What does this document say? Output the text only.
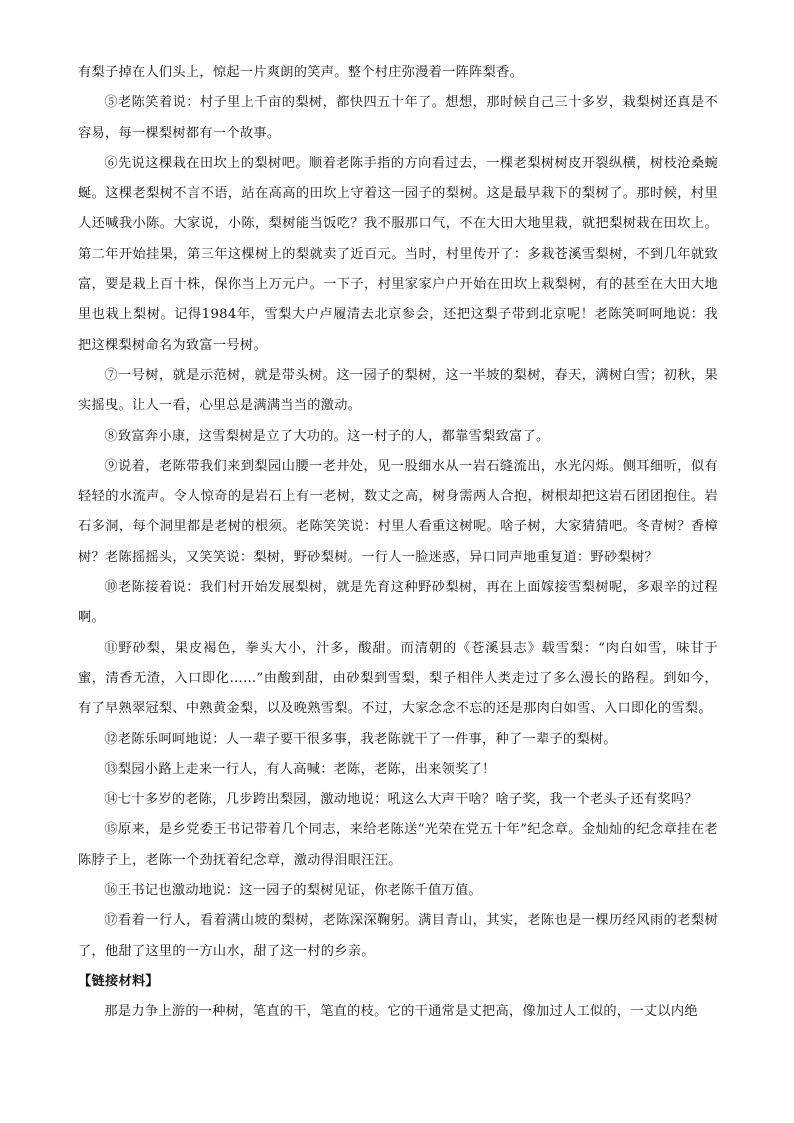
有梨子掉在人们头上，惊起一片爽朗的笑声。整个村庄弥漫着一阵阵梨香。

⑤老陈笑着说：村子里上千亩的梨树，都快四五十年了。想想，那时候自己三十多岁，栽梨树还真是不容易，每一棵梨树都有一个故事。

⑥先说这棵栽在田坎上的梨树吧。顺着老陈手指的方向看过去，一棵老梨树树皮开裂纵横，树枝沧桑蜿蜒。这棵老梨树不言不语，站在高高的田坎上守着这一园子的梨树。这是最早栽下的梨树了。那时候，村里人还喊我小陈。大家说，小陈，梨树能当饭吃？我不服那口气，不在大田大地里栽，就把梨树栽在田坎上。第二年开始挂果，第三年这棵树上的梨就卖了近百元。当时，村里传开了：多栽苍溪雪梨树，不到几年就致富，要是栽上百十株，保你当上万元户。一下子，村里家家户户开始在田坎上栽梨树，有的甚至在大田大地里也栽上梨树。记得1984年，雪梨大户卢履清去北京参会，还把这梨子带到北京呢！老陈笑呵呵地说：我把这棵梨树命名为致富一号树。

⑦一号树，就是示范树，就是带头树。这一园子的梨树，这一半坡的梨树，春天，满树白雪；初秋，果实摇曳。让人一看，心里总是满满当当的激动。

⑧致富奔小康，这雪梨树是立了大功的。这一村子的人，都靠雪梨致富了。

⑨说着，老陈带我们来到梨园山腰一老井处，见一股细水从一岩石缝流出，水光闪烁。侧耳细听，似有轻轻的水流声。令人惊奇的是岩石上有一老树，数丈之高，树身需两人合抱，树根却把这岩石团团抱住。岩石多洞，每个洞里都是老树的根须。老陈笑笑说：村里人看重这树呢。啥子树，大家猜猜吧。冬青树？香樟树？老陈摇摇头，又笑笑说：梨树，野砂梨树。一行人一脸迷惑，异口同声地重复道：野砂梨树？

⑩老陈接着说：我们村开始发展梨树，就是先育这种野砂梨树，再在上面嫁接雪梨树呢，多艰辛的过程啊。

⑪野砂梨，果皮褐色，拳头大小，汁多，酸甜。而清朝的《苍溪县志》载雪梨：“肉白如雪，味甘于蜜，清香无渣，入口即化……”由酸到甜，由砂梨到雪梨，梨子相伴人类走过了多么漫长的路程。到如今，有了早熟翠冠梨、中熟黄金梨，以及晚熟雪梨。不过，大家念念不忘的还是那肉白如雪、入口即化的雪梨。

⑫老陈乐呵呵地说：人一辈子要干很多事，我老陈就干了一件事，种了一辈子的梨树。

⑬梨园小路上走来一行人，有人高喊：老陈，老陈，出来领奖了！

⑭七十多岁的老陈，几步跨出梨园，激动地说：吼这么大声干啥？啥子奖，我一个老头子还有奖吗？

⑮原来，是乡党委王书记带着几个同志，来给老陈送“光荣在党五十年”纪念章。金灿灿的纪念章挂在老陈脖子上，老陈一个劲抚着纪念章，激动得泪眼汪汪。

⑯王书记也激动地说：这一园子的梨树见证，你老陈千值万值。

⑰看着一行人，看着满山坡的梨树，老陈深深鞠躬。满目青山，其实，老陈也是一棵历经风雨的老梨树了，他甜了这里的一方山水，甜了这一村的乡亲。

【链接材料】

那是力争上游的一种树，笔直的干，笔直的枝。它的干通常是丈把高，像加过人工似的，一丈以内绝
